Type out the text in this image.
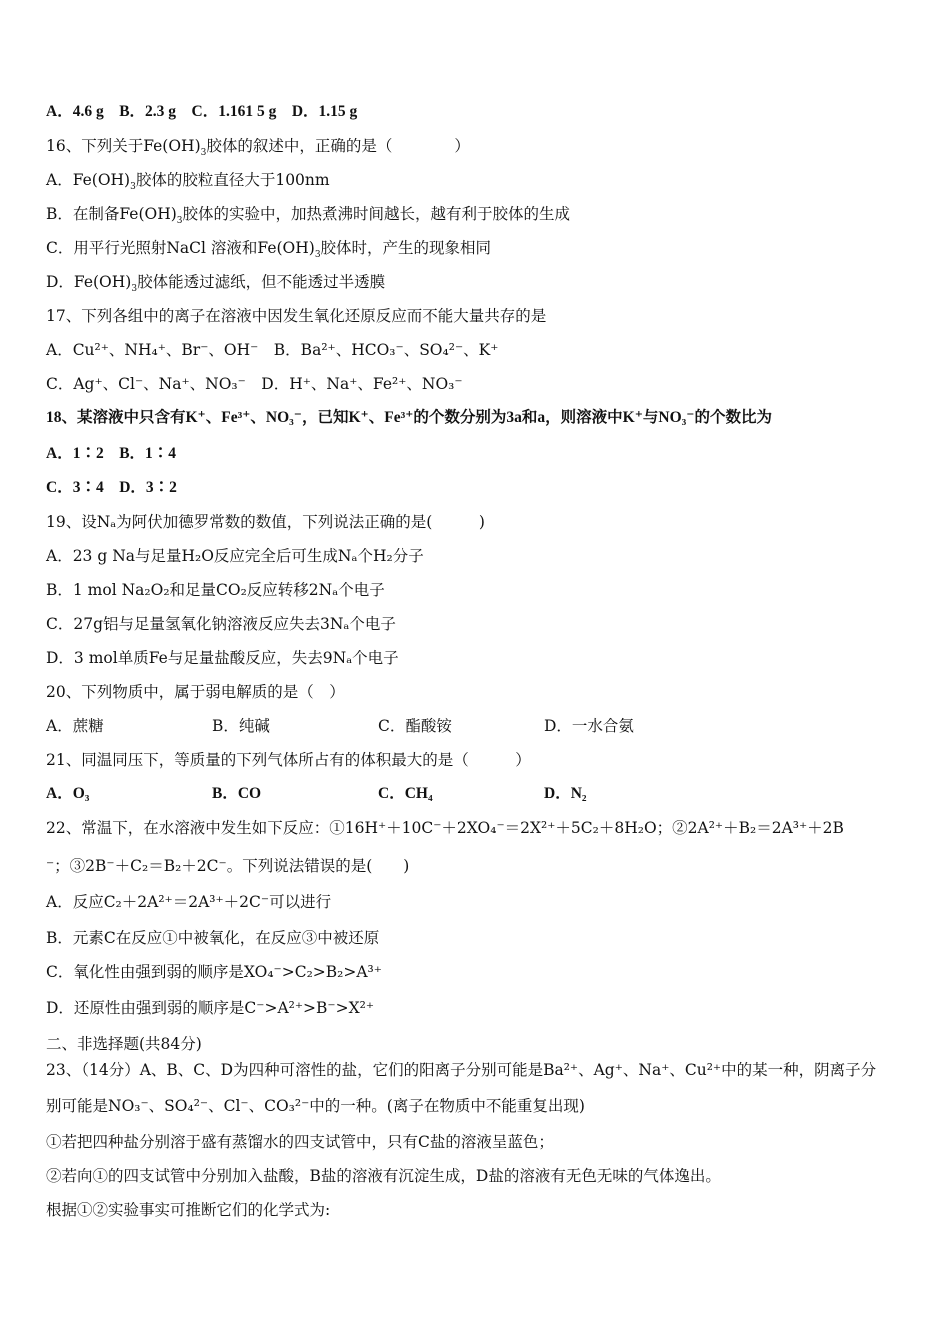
A．4.6 g　B．2.3 g　C．1.161 5 g　D．1.15 g
16、下列关于$Fe(OH)_3$胶体的叙述中，正确的是（　　　　）
A．$Fe(OH)_3$胶体的胶粒直径大于100nm
B．在制备$Fe(OH)_3$胶体的实验中，加热煮沸时间越长，越有利于胶体的生成
C．用平行光照射NaCl 溶液和$Fe(OH)_3$胶体时，产生的现象相同
D．$Fe(OH)_3$胶体能透过滤纸，但不能透过半透膜
17、下列各组中的离子在溶液中因发生氧化还原反应而不能大量共存的是
A．Cu²⁺、NH₄⁺、Br⁻、OH⁻　B．Ba²⁺、HCO₃⁻、SO₄²⁻、K⁺
C．Ag⁺、Cl⁻、Na⁺、NO₃⁻　D．H⁺、Na⁺、Fe²⁺、NO₃⁻
18、某溶液中只含有K⁺、Fe³⁺、NO₃⁻，已知K⁺、Fe³⁺的个数分别为3a和a，则溶液中K⁺与NO₃⁻的个数比为
A．1∶2　B．1∶4
C．3∶4　D．3∶2
19、设Nₐ为阿伏加德罗常数的数值，下列说法正确的是(　　　)
A．23 g Na与足量H₂O反应完全后可生成Nₐ个H₂分子
B．1 mol Na₂O₂和足量CO₂反应转移2Nₐ个电子
C．27g铝与足量氢氧化钠溶液反应失去3Nₐ个电子
D．3 mol单质Fe与足量盐酸反应，失去9Nₐ个电子
20、下列物质中，属于弱电解质的是（　）
A．蔗糖	B．纯碱	C．酯酸铵	D．一水合氨
21、同温同压下，等质量的下列气体所占有的体积最大的是（　　　）
A．O₃	B．CO	C．CH₄	D．N₂
22、常温下，在水溶液中发生如下反应：①16H⁺＋10C⁻＋2XO₄⁻＝2X²⁺＋5C₂＋8H₂O；②2A²⁺＋B₂＝2A³⁺＋2B
⁻；③2B⁻＋C₂＝B₂＋2C⁻。下列说法错误的是(　　)
A．反应C₂＋2A²⁺＝2A³⁺＋2C⁻可以进行
B．元素C在反应①中被氧化，在反应③中被还原
C．氧化性由强到弱的顺序是XO₄⁻>C₂>B₂>A³⁺
D．还原性由强到弱的顺序是C⁻>A²⁺>B⁻>X²⁺
二、非选择题(共84分)
23、（14分）A、B、C、D为四种可溶性的盐，它们的阳离子分别可能是Ba²⁺、Ag⁺、Na⁺、Cu²⁺中的某一种，阴离子分
别可能是NO₃⁻、SO₄²⁻、Cl⁻、CO₃²⁻中的一种。(离子在物质中不能重复出现)
①若把四种盐分别溶于盛有蒸馏水的四支试管中，只有C盐的溶液呈蓝色；
②若向①的四支试管中分别加入盐酸，B盐的溶液有沉淀生成，D盐的溶液有无色无味的气体逸出。
根据①②实验事实可推断它们的化学式为:
